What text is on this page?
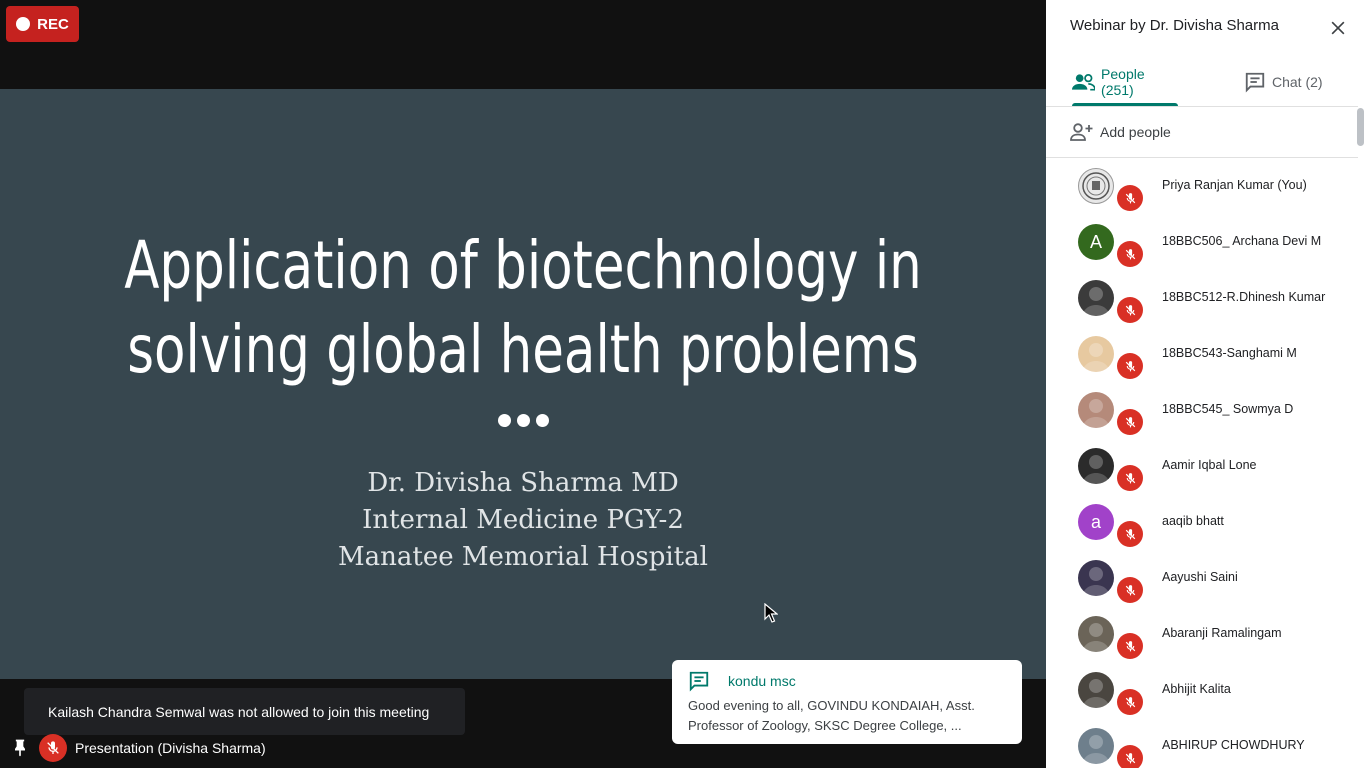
REC
Application of biotechnology in
solving global health problems
Dr. Divisha Sharma MD
Internal Medicine PGY-2
Manatee Memorial Hospital
Kailash Chandra Semwal was not allowed to join this meeting
Presentation (Divisha Sharma)
kondu msc
Good evening to all, GOVINDU KONDAIAH, Asst.
Professor of Zoology, SKSC Degree College, ...
Webinar by Dr. Divisha Sharma
People (251)	Chat (2)
Add people
Priya Ranjan Kumar (You)
A	18BBC506_ Archana Devi M
18BBC512-R.Dhinesh Kumar
18BBC543-Sanghami M
18BBC545_ Sowmya D
Aamir Iqbal Lone
a	aaqib bhatt
Aayushi Saini
Abaranji Ramalingam
Abhijit Kalita
ABHIRUP CHOWDHURY
